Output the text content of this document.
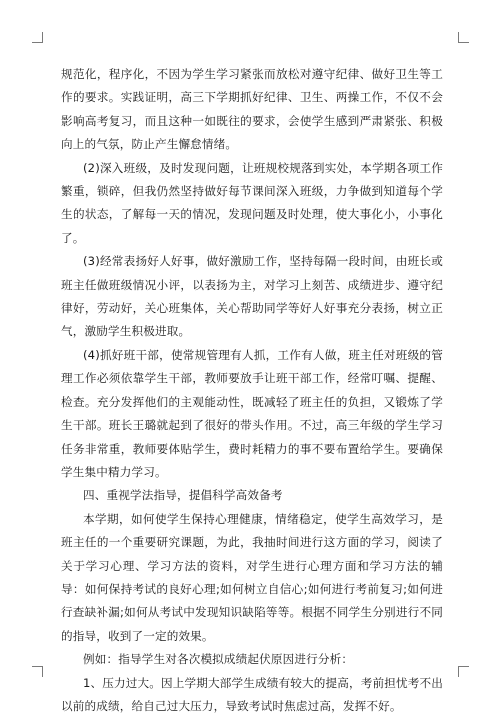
规范化，程序化，不因为学生学习紧张而放松对遵守纪律、做好卫生等工作的要求。实践证明，高三下学期抓好纪律、卫生、两操工作，不仅不会影响高考复习，而且这种一如既往的要求，会使学生感到严肃紧张、积极向上的气氛，防止产生懈怠情绪。

(2)深入班级，及时发现问题，让班规校规落到实处，本学期各项工作繁重，锁碎，但我仍然坚持做好每节课间深入班级，力争做到知道每个学生的状态，了解每一天的情况，发现问题及时处理，使大事化小，小事化了。

(3)经常表扬好人好事，做好激励工作，坚持每隔一段时间，由班长或班主任做班级情况小评，以表扬为主，对学习上刻苦、成绩进步、遵守纪律好，劳动好，关心班集体，关心帮助同学等好人好事充分表扬，树立正气，激励学生积极进取。

(4)抓好班干部，使常规管理有人抓，工作有人做，班主任对班级的管理工作必须依靠学生干部，教师要放手让班干部工作，经常叮嘱、提醒、检查。充分发挥他们的主观能动性，既减轻了班主任的负担，又锻炼了学生干部。班长王璐就起到了很好的带头作用。不过，高三年级的学生学习任务非常重，教师要体贴学生，费时耗精力的事不要布置给学生。要确保学生集中精力学习。

四、重视学法指导，提倡科学高效备考

本学期，如何使学生保持心理健康，情绪稳定，使学生高效学习，是班主任的一个重要研究课题，为此，我抽时间进行这方面的学习，阅读了关于学习心理、学习方法的资料，对学生进行心理方面和学习方法的辅导：如何保持考试的良好心理;如何树立自信心;如何进行考前复习;如何进行查缺补漏;如何从考试中发现知识缺陷等等。根据不同学生分别进行不同的指导，收到了一定的效果。

例如：指导学生对各次模拟成绩起伏原因进行分析：

1、压力过大。因上学期大部学生成绩有较大的提高，考前担忧考不出以前的成绩，给自己过大压力，导致考试时焦虑过高，发挥不好。
